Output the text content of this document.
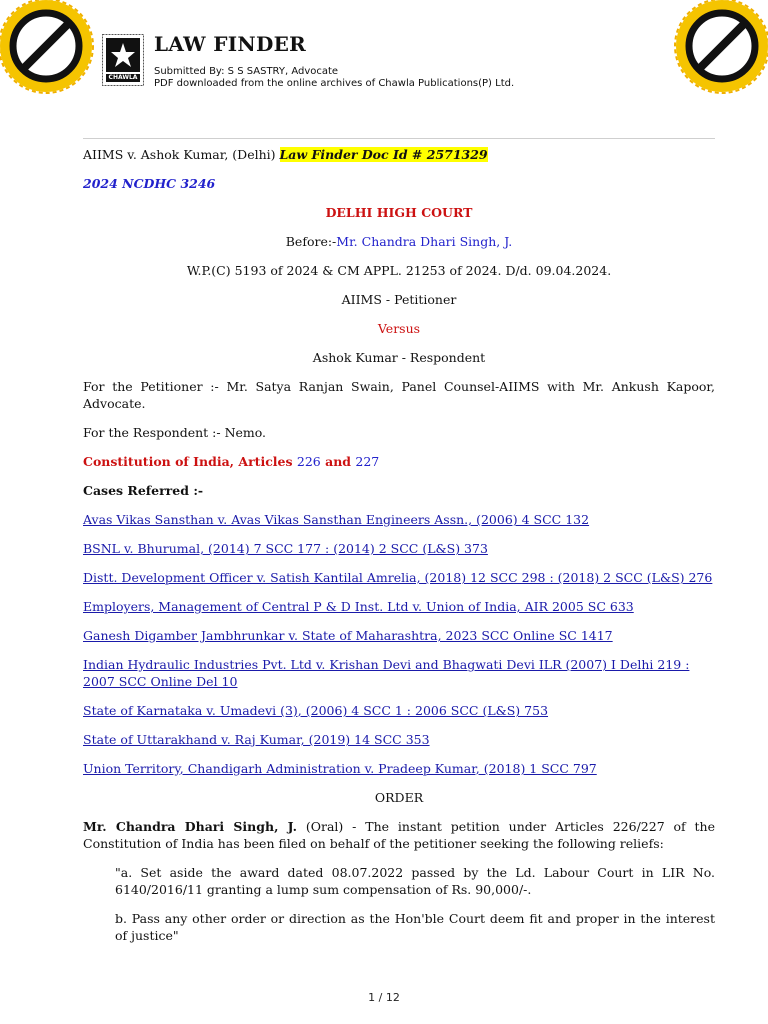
CHAWLA
LAW FINDER
Submitted By: S S SASTRY, Advocate
PDF downloaded from the online archives of Chawla Publications(P) Ltd.

AIIMS v. Ashok Kumar, (Delhi) Law Finder Doc Id # 2571329

2024 NCDHC 3246

DELHI HIGH COURT

Before:-Mr. Chandra Dhari Singh, J.

W.P.(C) 5193 of 2024 & CM APPL. 21253 of 2024. D/d. 09.04.2024.

AIIMS - Petitioner

Versus

Ashok Kumar - Respondent

For the Petitioner :- Mr. Satya Ranjan Swain, Panel Counsel-AIIMS with Mr. Ankush Kapoor, Advocate.

For the Respondent :- Nemo.

Constitution of India, Articles 226 and 227

Cases Referred :-

Avas Vikas Sansthan v. Avas Vikas Sansthan Engineers Assn., (2006) 4 SCC 132
BSNL v. Bhurumal, (2014) 7 SCC 177 : (2014) 2 SCC (L&S) 373
Distt. Development Officer v. Satish Kantilal Amrelia, (2018) 12 SCC 298 : (2018) 2 SCC (L&S) 276
Employers, Management of Central P & D Inst. Ltd v. Union of India, AIR 2005 SC 633
Ganesh Digamber Jambhrunkar v. State of Maharashtra, 2023 SCC Online SC 1417
Indian Hydraulic Industries Pvt. Ltd v. Krishan Devi and Bhagwati Devi ILR (2007) I Delhi 219 : 2007 SCC Online Del 10
State of Karnataka v. Umadevi (3), (2006) 4 SCC 1 : 2006 SCC (L&S) 753
State of Uttarakhand v. Raj Kumar, (2019) 14 SCC 353
Union Territory, Chandigarh Administration v. Pradeep Kumar, (2018) 1 SCC 797

ORDER

Mr. Chandra Dhari Singh, J. (Oral) - The instant petition under Articles 226/227 of the Constitution of India has been filed on behalf of the petitioner seeking the following reliefs:

"a. Set aside the award dated 08.07.2022 passed by the Ld. Labour Court in LIR No. 6140/2016/11 granting a lump sum compensation of Rs. 90,000/-.

b. Pass any other order or direction as the Hon'ble Court deem fit and proper in the interest of justice"

1 / 12
